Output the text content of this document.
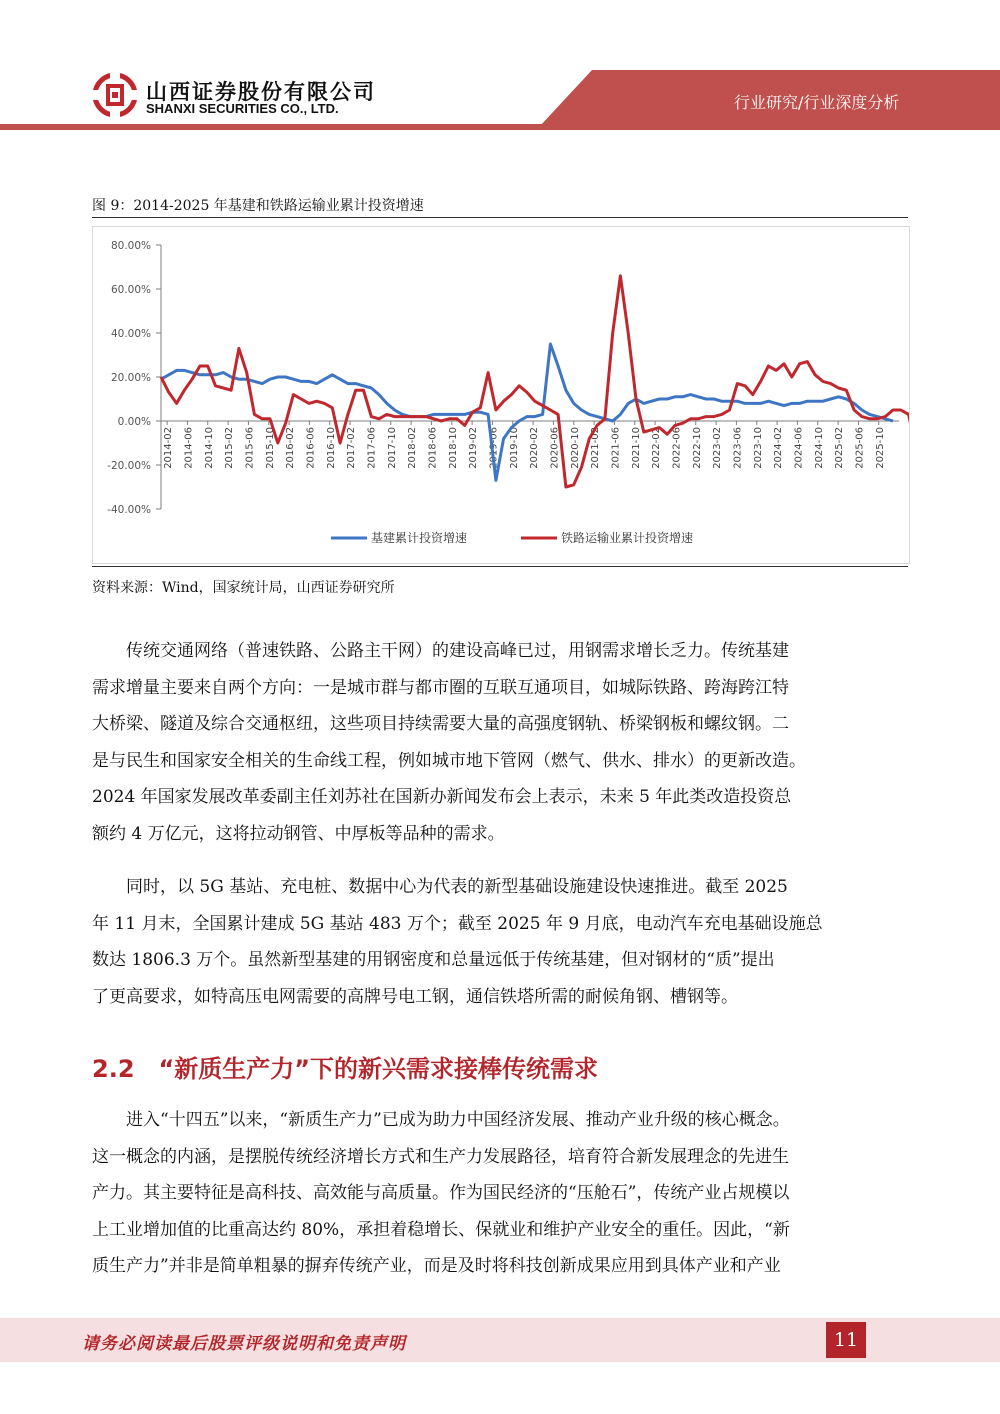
山西证券股份有限公司
SHANXI SECURITIES CO., LTD.	行业研究/行业深度分析
图 9：2014-2025 年基建和铁路运输业累计投资增速
80.00%
60.00%
40.00%
20.00%
0.00%
-20.00%
-40.00%
2014-02 2014-06 2014-10 2015-02 2015-06 2015-10 2016-02 2016-06 2016-10 2017-02 2017-06 2017-10 2018-02 2018-06 2018-10 2019-02 2019-06 2019-10 2020-02 2020-06 2020-10 2021-02 2021-06 2021-10 2022-02 2022-06 2022-10 2023-02 2023-06 2023-10 2024-02 2024-06 2024-10 2025-02 2025-06 2025-10
基建累计投资增速	铁路运输业累计投资增速
资料来源：Wind，国家统计局，山西证券研究所
　　传统交通网络（普速铁路、公路主干网）的建设高峰已过，用钢需求增长乏力。传统基建
需求增量主要来自两个方向：一是城市群与都市圈的互联互通项目，如城际铁路、跨海跨江特
大桥梁、隧道及综合交通枢纽，这些项目持续需要大量的高强度钢轨、桥梁钢板和螺纹钢。二
是与民生和国家安全相关的生命线工程，例如城市地下管网（燃气、供水、排水）的更新改造。
2024 年国家发展改革委副主任刘苏社在国新办新闻发布会上表示，未来 5 年此类改造投资总
额约 4 万亿元，这将拉动钢管、中厚板等品种的需求。
　　同时，以 5G 基站、充电桩、数据中心为代表的新型基础设施建设快速推进。截至 2025
年 11 月末，全国累计建成 5G 基站 483 万个；截至 2025 年 9 月底，电动汽车充电基础设施总
数达 1806.3 万个。虽然新型基建的用钢密度和总量远低于传统基建，但对钢材的“质”提出
了更高要求，如特高压电网需要的高牌号电工钢，通信铁塔所需的耐候角钢、槽钢等。
2.2　“新质生产力”下的新兴需求接棒传统需求
　　进入“十四五”以来，“新质生产力”已成为助力中国经济发展、推动产业升级的核心概念。
这一概念的内涵，是摆脱传统经济增长方式和生产力发展路径，培育符合新发展理念的先进生
产力。其主要特征是高科技、高效能与高质量。作为国民经济的“压舱石”，传统产业占规模以
上工业增加值的比重高达约 80%，承担着稳增长、保就业和维护产业安全的重任。因此，“新
质生产力”并非是简单粗暴的摒弃传统产业，而是及时将科技创新成果应用到具体产业和产业
请务必阅读最后股票评级说明和免责声明	11
